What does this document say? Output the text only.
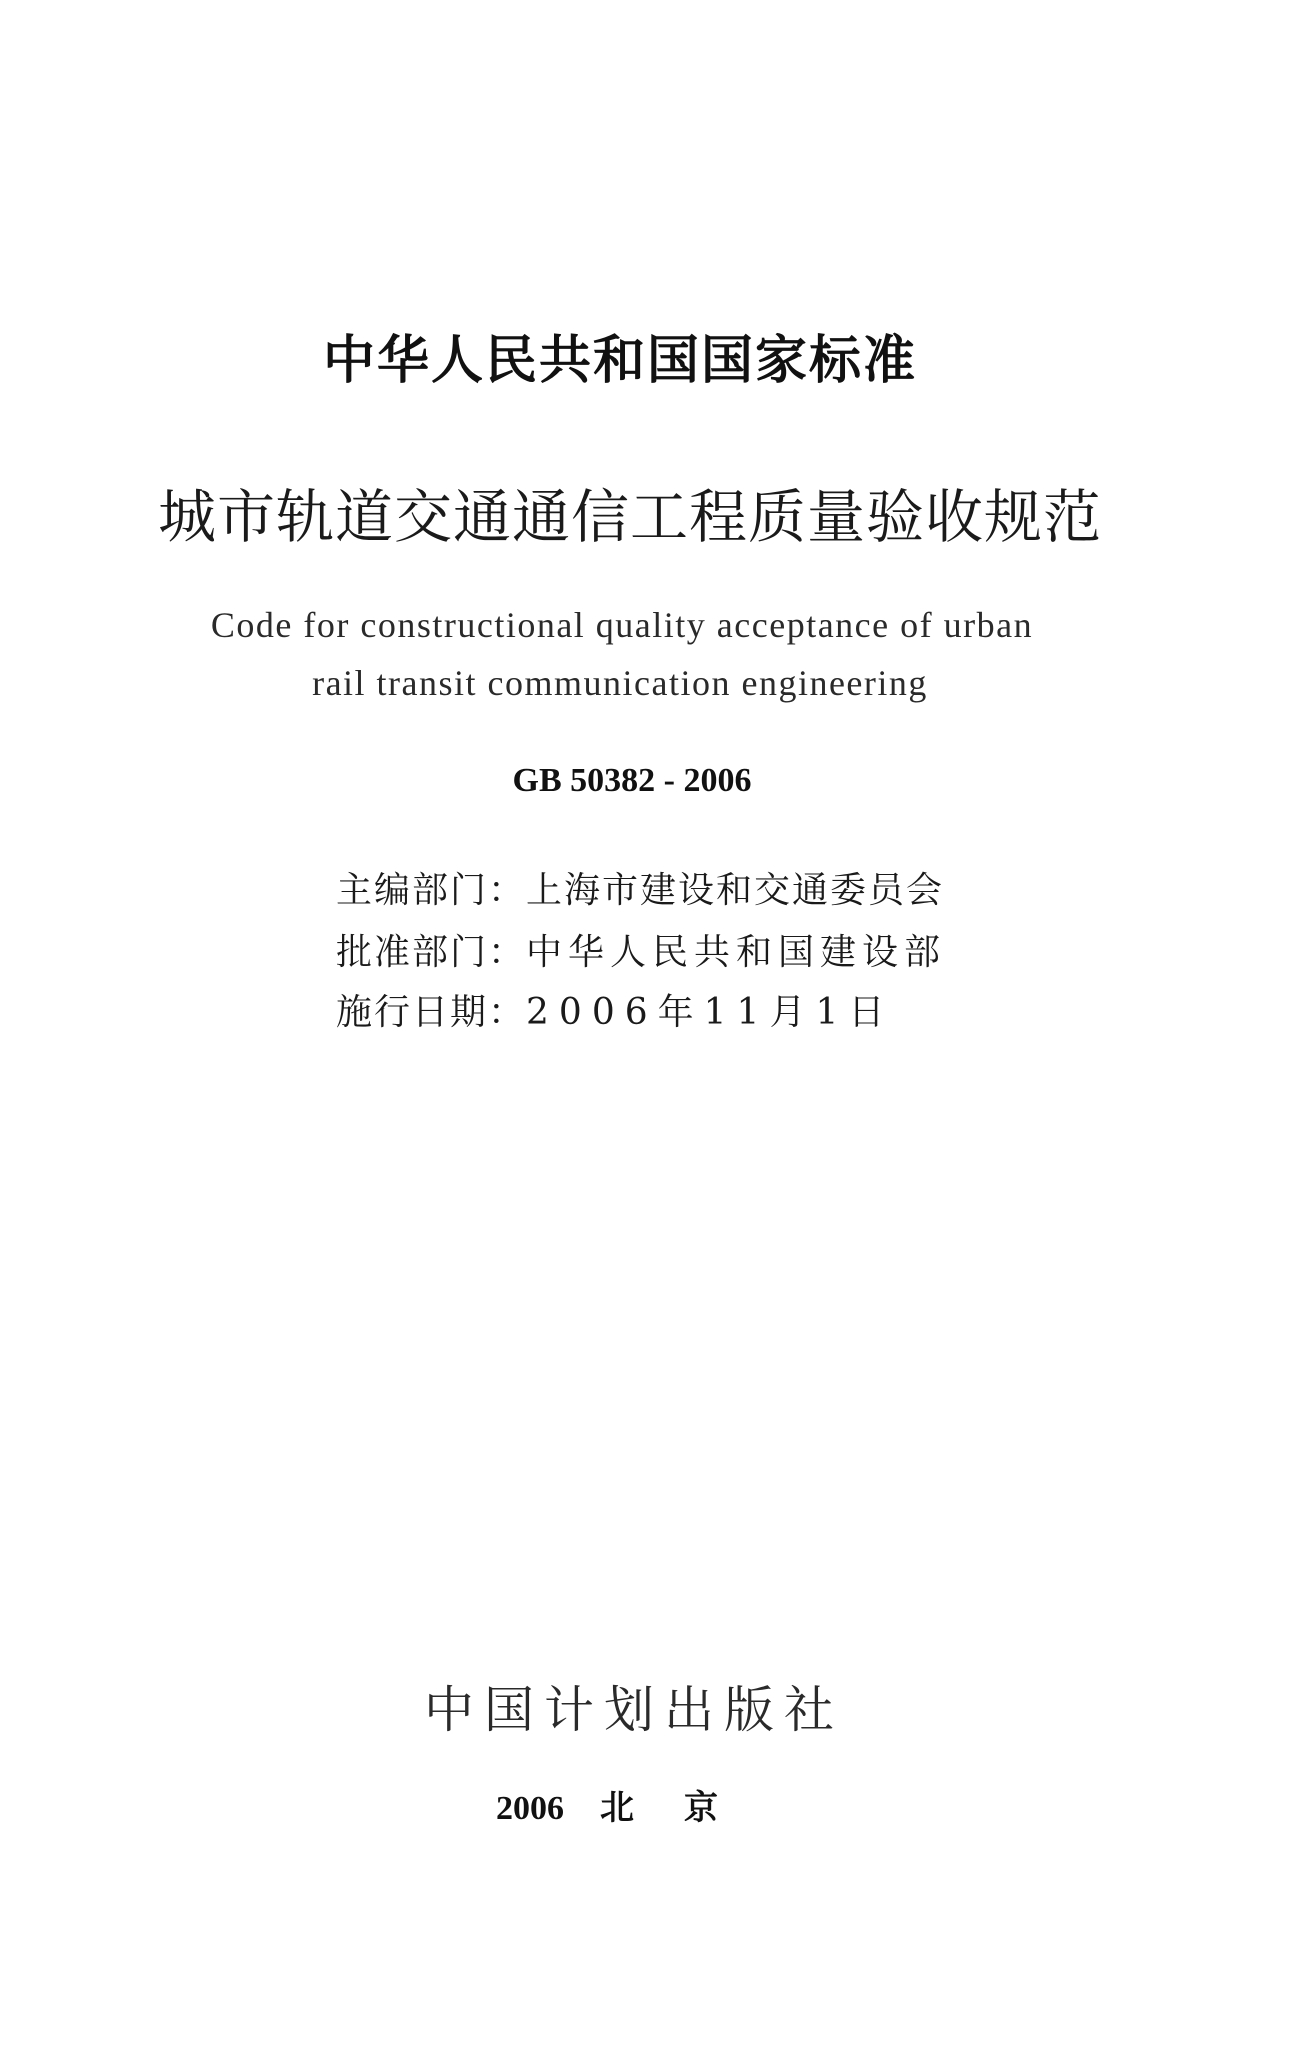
中华人民共和国国家标准
城市轨道交通通信工程质量验收规范
Code for constructional quality acceptance of urban
rail transit communication engineering
GB 50382 - 2006
主编部门：上海市建设和交通委员会
批准部门：中华人民共和国建设部
施行日期：2006年11月1日
中国计划出版社
2006 北京
